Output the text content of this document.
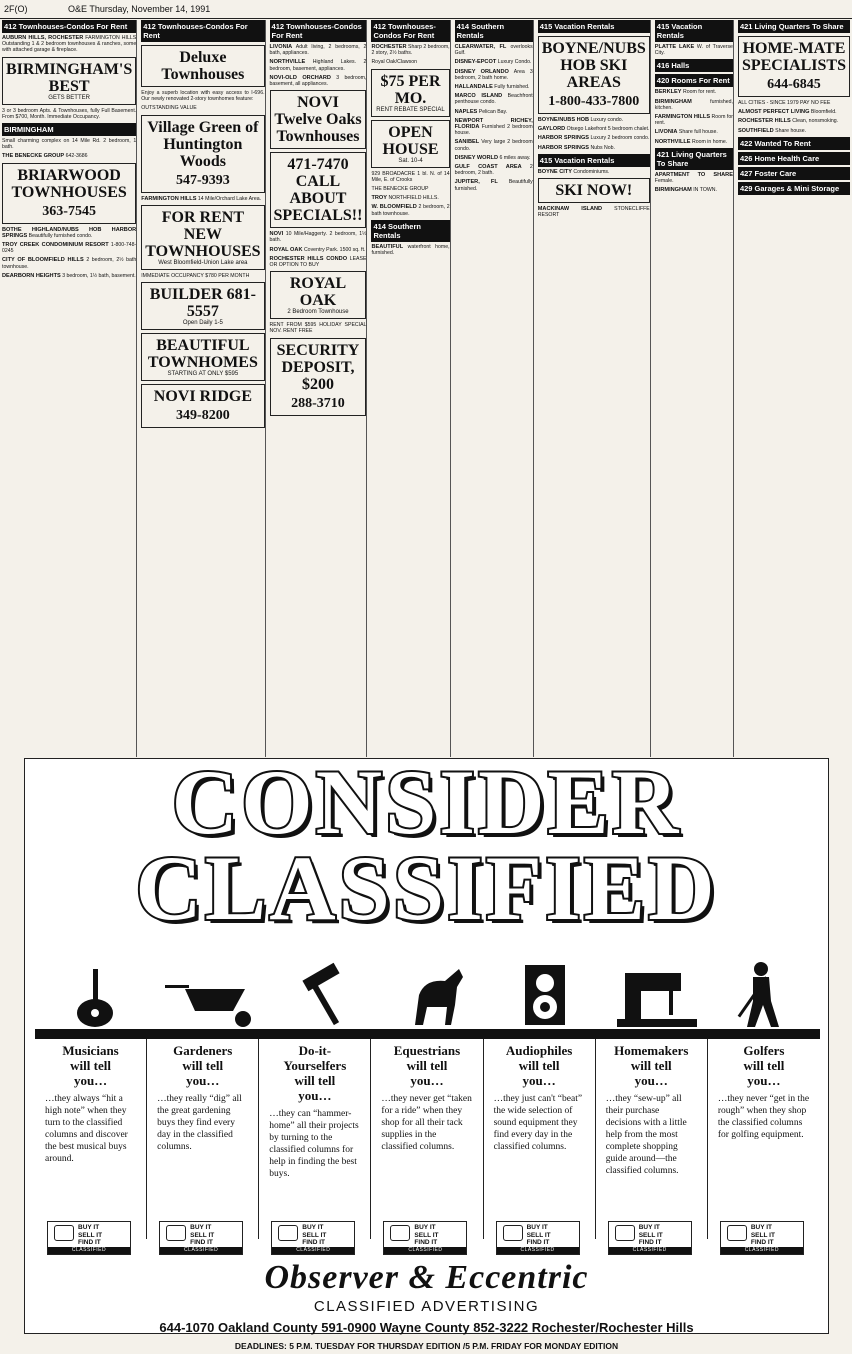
2F(O)	O&E Thursday, November 14, 1991
412 Townhouses-Condos For Rent
AUBURN HILLS, ROCHESTER FARMINGTON HILLS Outstanding 1 & 2 bedroom townhouses & ranches, some with attached garage & fireplace.
BIRMINGHAM'S BEST
GETS BETTER
3 or 3 bedroom Apts. & Townhouses, fully Full Basement. From $700, Month. Immediate Occupancy.
BIRMINGHAM
Small charming complex on 14 Mile Rd. 2 bedroom, 1 bath.
THE BENECKE GROUP 642-3686
BRIARWOOD TOWNHOUSES
363-7545
BOTHE HIGHLAND/NUBS HOB HARBOR SPRINGS Beautifully furnished condo.
TROY CREEK CONDOMINIUM RESORT 1-800-748-0245
CITY OF BLOOMFIELD HILLS 2 bedroom, 2½ bath townhouse.
DEARBORN HEIGHTS 3 bedroom, 1½ bath, basement.
412 Townhouses-Condos For Rent
Deluxe Townhouses
Enjoy a superb location with easy access to I-696. Our newly renovated 2-story townhomes feature:
OUTSTANDING VALUE
Village Green of Huntington Woods
547-9393
FARMINGTON HILLS 14 Mile/Orchard Lake Area.
FOR RENT NEW TOWNHOUSES
West Bloomfield-Union Lake area
IMMEDIATE OCCUPANCY $780 PER MONTH
BUILDER 681-5557
Open Daily 1-5
BEAUTIFUL TOWNHOMES
STARTING AT ONLY $595
NOVI RIDGE
349-8200
412 Townhouses-Condos For Rent
LIVONIA Adult living, 2 bedrooms, 2 bath, appliances.
NORTHVILLE Highland Lakes. 2 bedroom, basement, appliances.
NOVI-OLD ORCHARD 3 bedroom, basement, all appliances.
NOVI Twelve Oaks Townhouses
471-7470 CALL ABOUT SPECIALS!!
NOVI 10 Mile/Haggerty. 2 bedroom, 1½ bath.
ROYAL OAK Coventry Park. 1500 sq. ft.
ROCHESTER HILLS CONDO LEASE OR OPTION TO BUY
ROYAL OAK
2 Bedroom Townhouse
RENT FROM $595 HOLIDAY SPECIAL NOV. RENT FREE
SECURITY DEPOSIT, $200
288-3710
412 Townhouses-Condos For Rent
ROCHESTER Sharp 2 bedroom, 2 story, 2½ baths.
Royal Oak/Clawson
$75 PER MO.
RENT REBATE SPECIAL
OPEN HOUSE
Sat. 10-4
929 BROADACRE 1 bl. N. of 14 Mile, E. of Crooks
THE BENECKE GROUP
TROY NORTHFIELD HILLS.
W. BLOOMFIELD 2 bedroom, 2 bath townhouse.
414 Southern Rentals
BEAUTIFUL waterfront home, furnished.
414 Southern Rentals
CLEARWATER, FL overlooks Gulf.
DISNEY-EPCOT Luxury Condo.
DISNEY ORLANDO Area 3 bedroom, 2 bath home.
HALLANDALE Fully furnished.
MARCO ISLAND Beachfront penthouse condo.
NAPLES Pelican Bay.
NEWPORT RICHEY, FLORIDA Furnished 2 bedroom house.
SANIBEL Very large 2 bedroom condo.
DISNEY WORLD 6 miles away.
GULF COAST AREA 2 bedroom, 2 bath.
JUPITER, FL Beautifully furnished.
415 Vacation Rentals
BOYNE/NUBS HOB SKI AREAS
1-800-433-7800
BOYNE/NUBS HOB Luxury condo.
GAYLORD Otsego Lakefront 5 bedroom chalet.
HARBOR SPRINGS Luxury 2 bedroom condo.
HARBOR SPRINGS Nubs Nob.
415 Vacation Rentals
BOYNE CITY Condominiums.
SKI NOW!
MACKINAW ISLAND STONECLIFFE RESORT
415 Vacation Rentals
PLATTE LAKE W. of Traverse City.
416 Halls
420 Rooms For Rent
BERKLEY Room for rent.
BIRMINGHAM	furnished, kitchen.
FARMINGTON HILLS Room for rent.
LIVONIA Share full house.
NORTHVILLE Room in home.
421 Living Quarters To Share
APARTMENT TO SHARE Female.
BIRMINGHAM IN TOWN.
421 Living Quarters To Share
HOME-MATE SPECIALISTS
644-6845
ALL CITIES - SINCE 1979 PAY NO FEE
ALMOST PERFECT LIVING Bloomfield.
ROCHESTER HILLS Clean, nonsmoking.
SOUTHFIELD Share house.
422 Wanted To Rent
426 Home Health Care
427 Foster Care
429 Garages & Mini Storage
CONSIDER
CLASSIFIED
Musicians
will tell
you…
…they always “hit a high note” when they turn to the classified columns and discover the best musical buys around.
BUY IT
SELL IT
FIND IT
CLASSIFIED
Gardeners
will tell
you…
…they really “dig” all the great gardening buys they find every day in the classified columns.
BUY IT
SELL IT
FIND IT
CLASSIFIED
Do-it-Yourselfers
will tell
you…
…they can “hammer-home” all their projects by turning to the classified columns for help in finding the best buys.
BUY IT
SELL IT
FIND IT
CLASSIFIED
Equestrians
will tell
you…
…they never get “taken for a ride” when they shop for all their tack supplies in the classified columns.
BUY IT
SELL IT
FIND IT
CLASSIFIED
Audiophiles
will tell
you…
…they just can't “beat” the wide selection of sound equipment they find every day in the classified columns.
BUY IT
SELL IT
FIND IT
CLASSIFIED
Homemakers
will tell
you…
…they “sew-up” all their purchase decisions with a little help from the most complete shopping guide around—the classified columns.
BUY IT
SELL IT
FIND IT
CLASSIFIED
Golfers
will tell
you…
…they never “get in the rough” when they shop the classified columns for golfing equipment.
BUY IT
SELL IT
FIND IT
CLASSIFIED
Observer & Eccentric
CLASSIFIED ADVERTISING
644-1070 Oakland County 591-0900 Wayne County 852-3222 Rochester/Rochester Hills
DEADLINES: 5 P.M. TUESDAY FOR THURSDAY EDITION /5 P.M. FRIDAY FOR MONDAY EDITION
